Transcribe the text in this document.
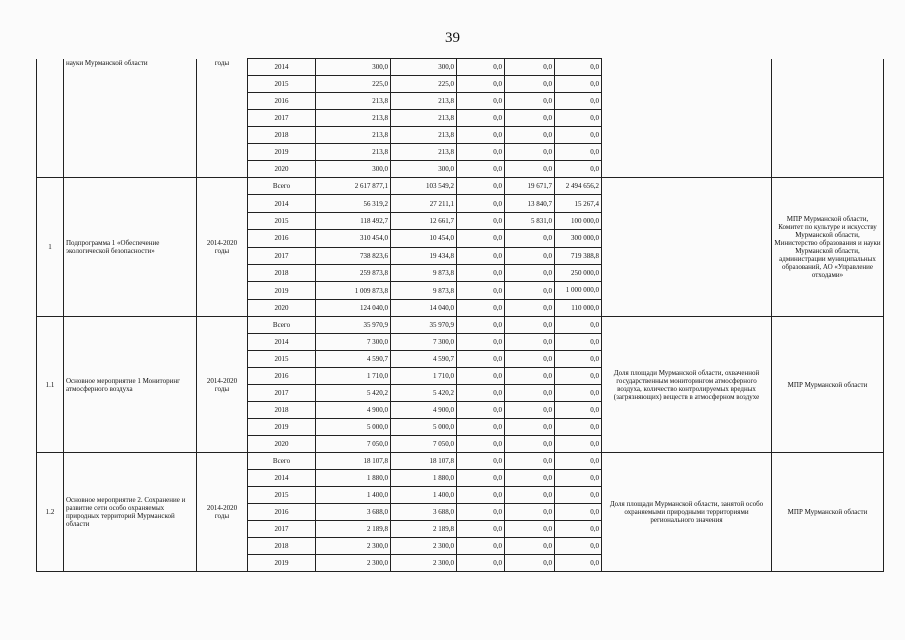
39
	науки Мурманской области	годы	2014	300,0	300,0	0,0	0,0	0,0		
			2015	225,0	225,0	0,0	0,0	0,0		
			2016	213,8	213,8	0,0	0,0	0,0		
			2017	213,8	213,8	0,0	0,0	0,0		
			2018	213,8	213,8	0,0	0,0	0,0		
			2019	213,8	213,8	0,0	0,0	0,0		
			2020	300,0	300,0	0,0	0,0	0,0		
1	Подпрограмма 1 «Обеспечение экологической безопасности»	2014-2020 годы	Всего	2 617 877,1	103 549,2	0,0	19 671,7	2 494 656,2		МПР Мурманской области, Комитет по культуре и искусству Мурманской области, Министерство образования и науки Мурманской области, администрации муниципальных образований, АО «Управление отходами»
			2014	56 319,2	27 211,1	0,0	13 840,7	15 267,4		
			2015	118 492,7	12 661,7	0,0	5 831,0	100 000,0		
			2016	310 454,0	10 454,0	0,0	0,0	300 000,0		
			2017	738 823,6	19 434,8	0,0	0,0	719 388,8		
			2018	259 873,8	9 873,8	0,0	0,0	250 000,0		
			2019	1 009 873,8	9 873,8	0,0	0,0	1 000 000,0		
			2020	124 040,0	14 040,0	0,0	0,0	110 000,0		
1.1	Основное мероприятие 1 Мониторинг атмосферного воздуха	2014-2020 годы	Всего	35 970,9	35 970,9	0,0	0,0	0,0	Доля площади Мурманской области, охваченной государственным мониторингом атмосферного воздуха, количество контролируемых вредных (загрязняющих) веществ в атмосферном воздухе	МПР Мурманской области
			2014	7 300,0	7 300,0	0,0	0,0	0,0		
			2015	4 590,7	4 590,7	0,0	0,0	0,0		
			2016	1 710,0	1 710,0	0,0	0,0	0,0		
			2017	5 420,2	5 420,2	0,0	0,0	0,0		
			2018	4 900,0	4 900,0	0,0	0,0	0,0		
			2019	5 000,0	5 000,0	0,0	0,0	0,0		
			2020	7 050,0	7 050,0	0,0	0,0	0,0		
1.2	Основное мероприятие 2. Сохранение и развитие сети особо охраняемых природных территорий Мурманской области	2014-2020 годы	Всего	18 107,8	18 107,8	0,0	0,0	0,0	Доля площади Мурманской области, занятой особо охраняемыми природными территориями регионального значения	МПР Мурманской области
			2014	1 880,0	1 880,0	0,0	0,0	0,0		
			2015	1 400,0	1 400,0	0,0	0,0	0,0		
			2016	3 688,0	3 688,0	0,0	0,0	0,0		
			2017	2 189,8	2 189,8	0,0	0,0	0,0		
			2018	2 300,0	2 300,0	0,0	0,0	0,0		
			2019	2 300,0	2 300,0	0,0	0,0	0,0		
